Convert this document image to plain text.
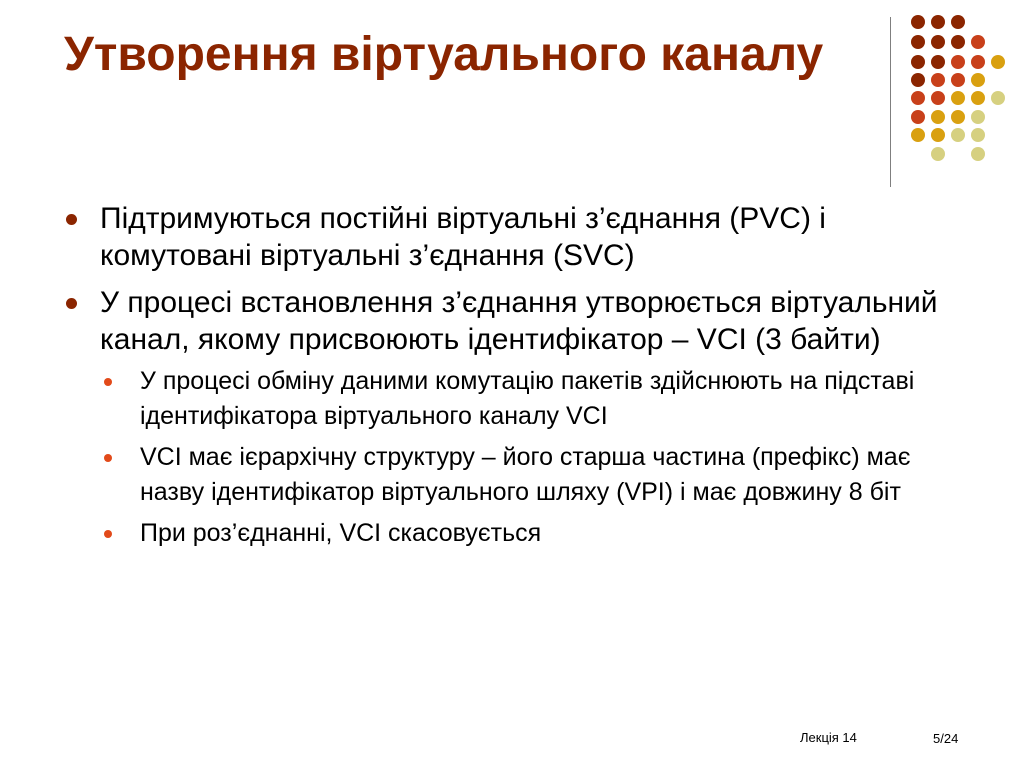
Утворення віртуального каналу
Підтримуються постійні віртуальні з’єднання (PVC) і комутовані віртуальні з’єднання (SVC)
У процесі встановлення з’єднання утворюється віртуальний канал, якому присвоюють ідентифікатор – VCI (3 байти)
У процесі обміну даними комутацію пакетів здійснюють на підставі ідентифікатора віртуального каналу VCI
VCI має ієрархічну структуру – його старша частина (префікс) має назву ідентифікатор віртуального шляху (VPI) і має довжину 8 біт
При роз’єднанні, VCI скасовується
Лекція 14	5/24
